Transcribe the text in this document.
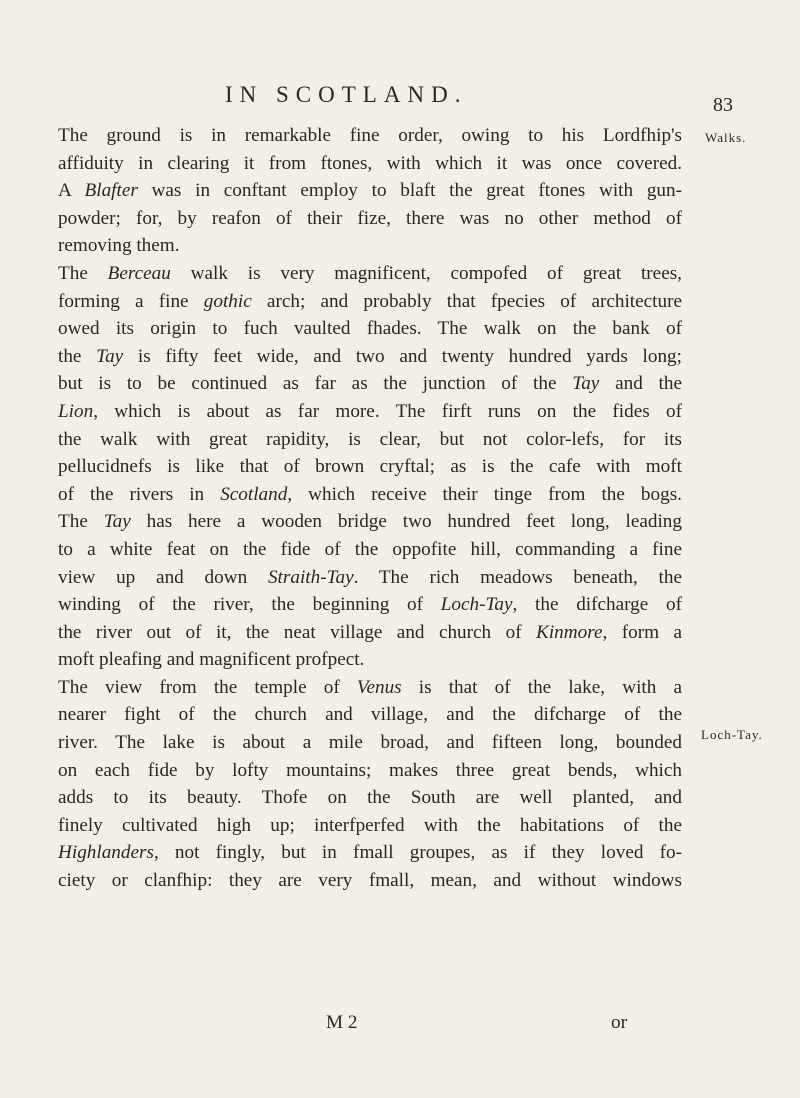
IN SCOTLAND.	83
Walks.
Loch-Tay.
The ground is in remarkable fine order, owing to his Lordfhip's
affiduity in clearing it from ftones, with which it was once covered.
A Blafter was in conftant employ to blaft the great ftones with gun-
powder; for, by reafon of their fize, there was no other method of
removing them.
The Berceau walk is very magnificent, compofed of great trees,
forming a fine gothic arch; and probably that fpecies of architecture
owed its origin to fuch vaulted fhades. The walk on the bank of
the Tay is fifty feet wide, and two and twenty hundred yards long;
but is to be continued as far as the junction of the Tay and the
Lion, which is about as far more. The firft runs on the fides of
the walk with great rapidity, is clear, but not color-lefs, for its
pellucidnefs is like that of brown cryftal; as is the cafe with moft
of the rivers in Scotland, which receive their tinge from the bogs.
The Tay has here a wooden bridge two hundred feet long, leading
to a white feat on the fide of the oppofite hill, commanding a fine
view up and down Straith-Tay. The rich meadows beneath, the
winding of the river, the beginning of Loch-Tay, the difcharge of
the river out of it, the neat village and church of Kinmore, form a
moft pleafing and magnificent profpect.
The view from the temple of Venus is that of the lake, with a
nearer fight of the church and village, and the difcharge of the
river. The lake is about a mile broad, and fifteen long, bounded
on each fide by lofty mountains; makes three great bends, which
adds to its beauty. Thofe on the South are well planted, and
finely cultivated high up; interfperfed with the habitations of the
Highlanders, not fingly, but in fmall groupes, as if they loved fo-
ciety or clanfhip: they are very fmall, mean, and without windows
M 2	or
